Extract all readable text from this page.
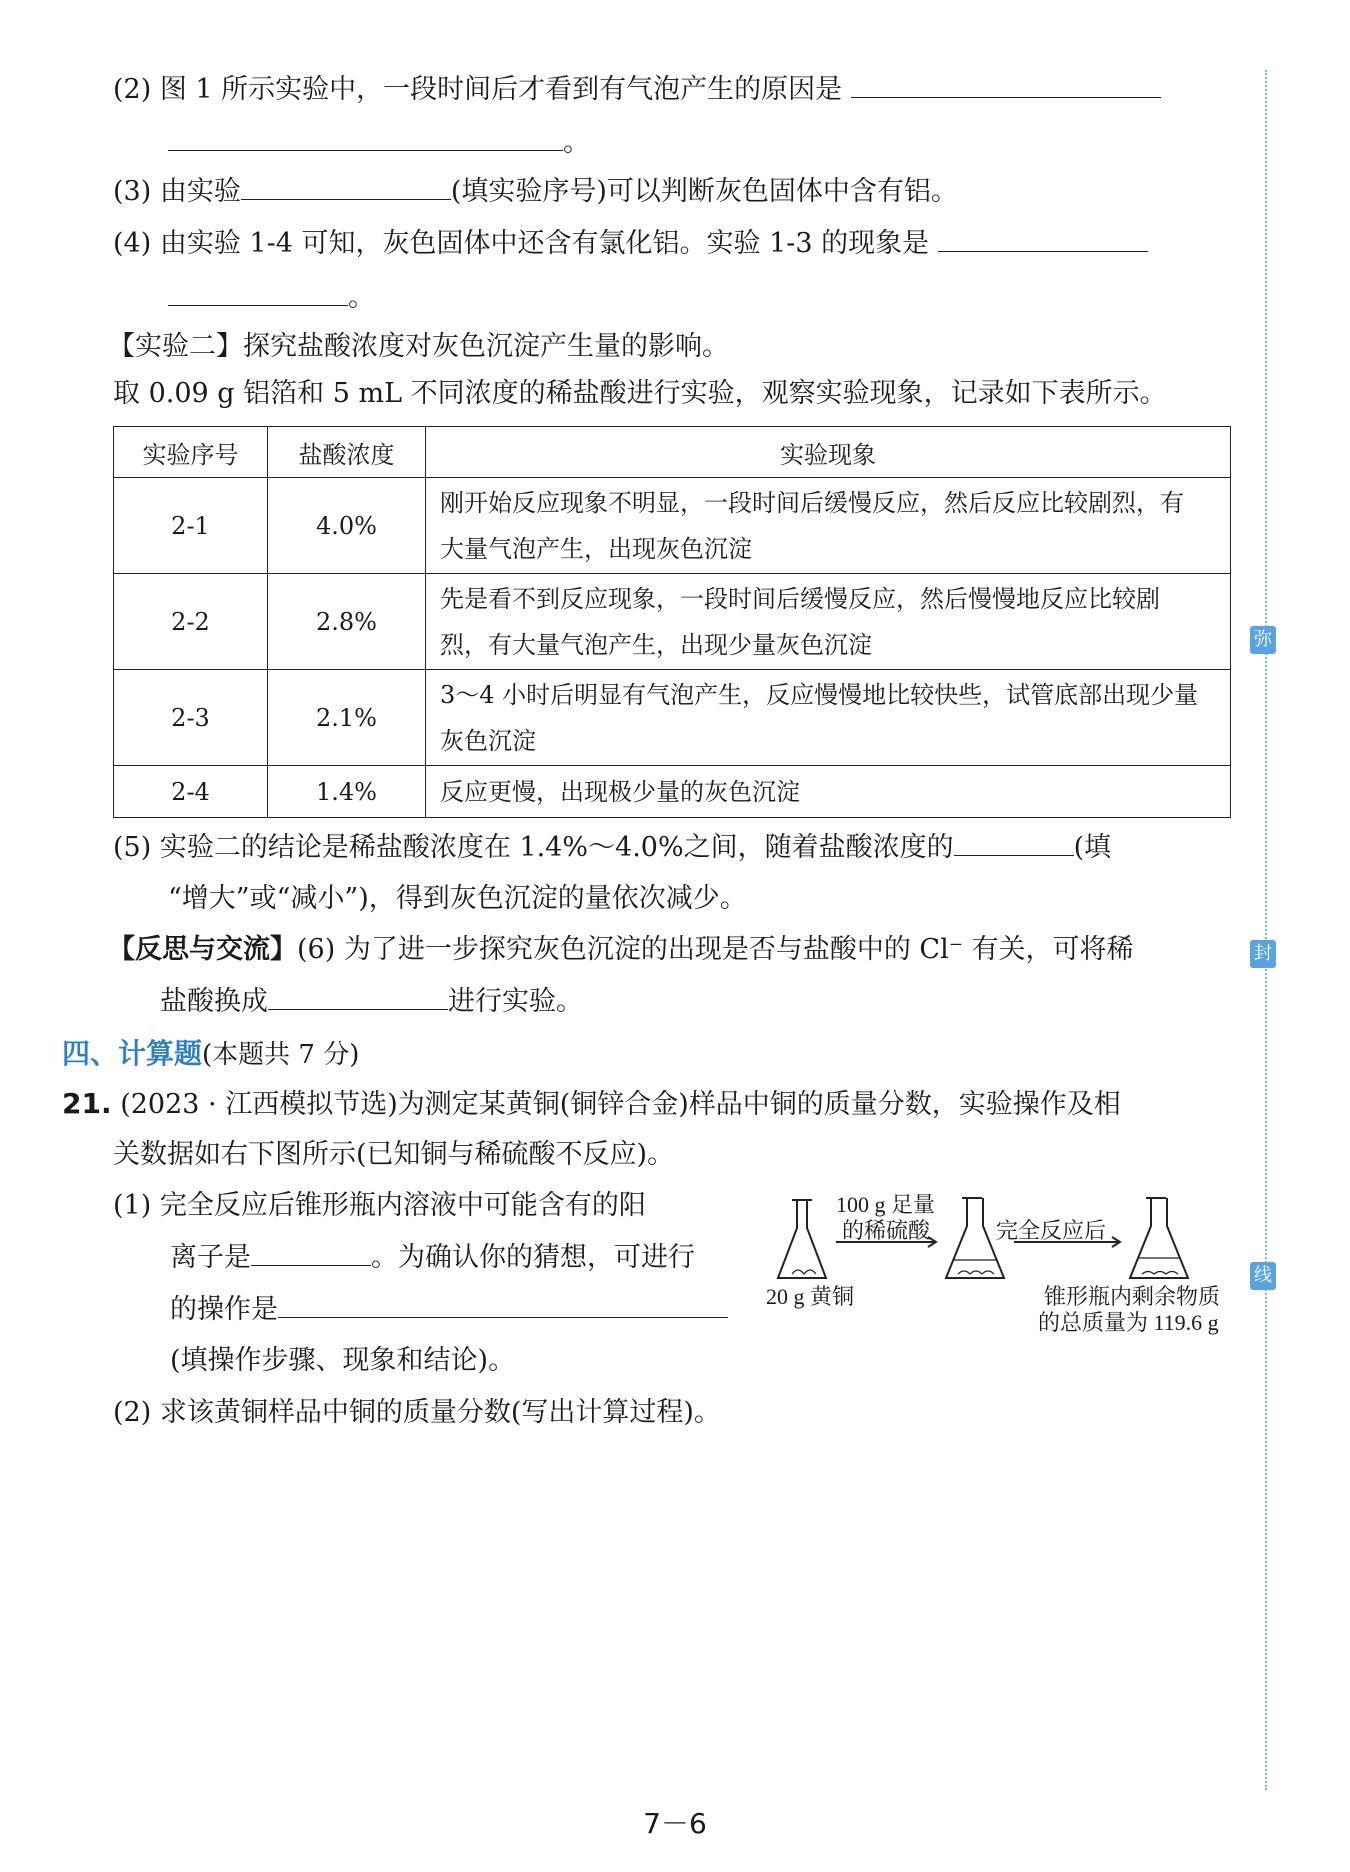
(2) 图 1 所示实验中，一段时间后才看到有气泡产生的原因是
。
(3) 由实验	(填实验序号)可以判断灰色固体中含有铝。
(4) 由实验 1-4 可知，灰色固体中还含有氯化铝。实验 1-3 的现象是
。
【实验二】探究盐酸浓度对灰色沉淀产生量的影响。
取 0.09 g 铝箔和 5 mL 不同浓度的稀盐酸进行实验，观察实验现象，记录如下表所示。
实验序号	盐酸浓度	实验现象
2-1	4.0%	刚开始反应现象不明显，一段时间后缓慢反应，然后反应比较剧烈，有
大量气泡产生，出现灰色沉淀
2-2	2.8%	先是看不到反应现象，一段时间后缓慢反应，然后慢慢地反应比较剧
烈，有大量气泡产生，出现少量灰色沉淀
2-3	2.1%	3～4 小时后明显有气泡产生，反应慢慢地比较快些，试管底部出现少量
灰色沉淀
2-4	1.4%	反应更慢，出现极少量的灰色沉淀
(5) 实验二的结论是稀盐酸浓度在 1.4%～4.0%之间，随着盐酸浓度的	(填
“增大”或“减小”)，得到灰色沉淀的量依次减少。
【反思与交流】(6) 为了进一步探究灰色沉淀的出现是否与盐酸中的 Cl⁻ 有关，可将稀
盐酸换成	进行实验。
四、计算题(本题共 7 分)
21. (2023 · 江西模拟节选)为测定某黄铜(铜锌合金)样品中铜的质量分数，实验操作及相
关数据如右下图所示(已知铜与稀硫酸不反应)。
(1) 完全反应后锥形瓶内溶液中可能含有的阳
离子是	。为确认你的猜想，可进行
的操作是
(填操作步骤、现象和结论)。
(2) 求该黄铜样品中铜的质量分数(写出计算过程)。
100 g 足量
的稀硫酸
20 g 黄铜
完全反应后
锥形瓶内剩余物质
的总质量为 119.6 g
弥
封
线
7－6
